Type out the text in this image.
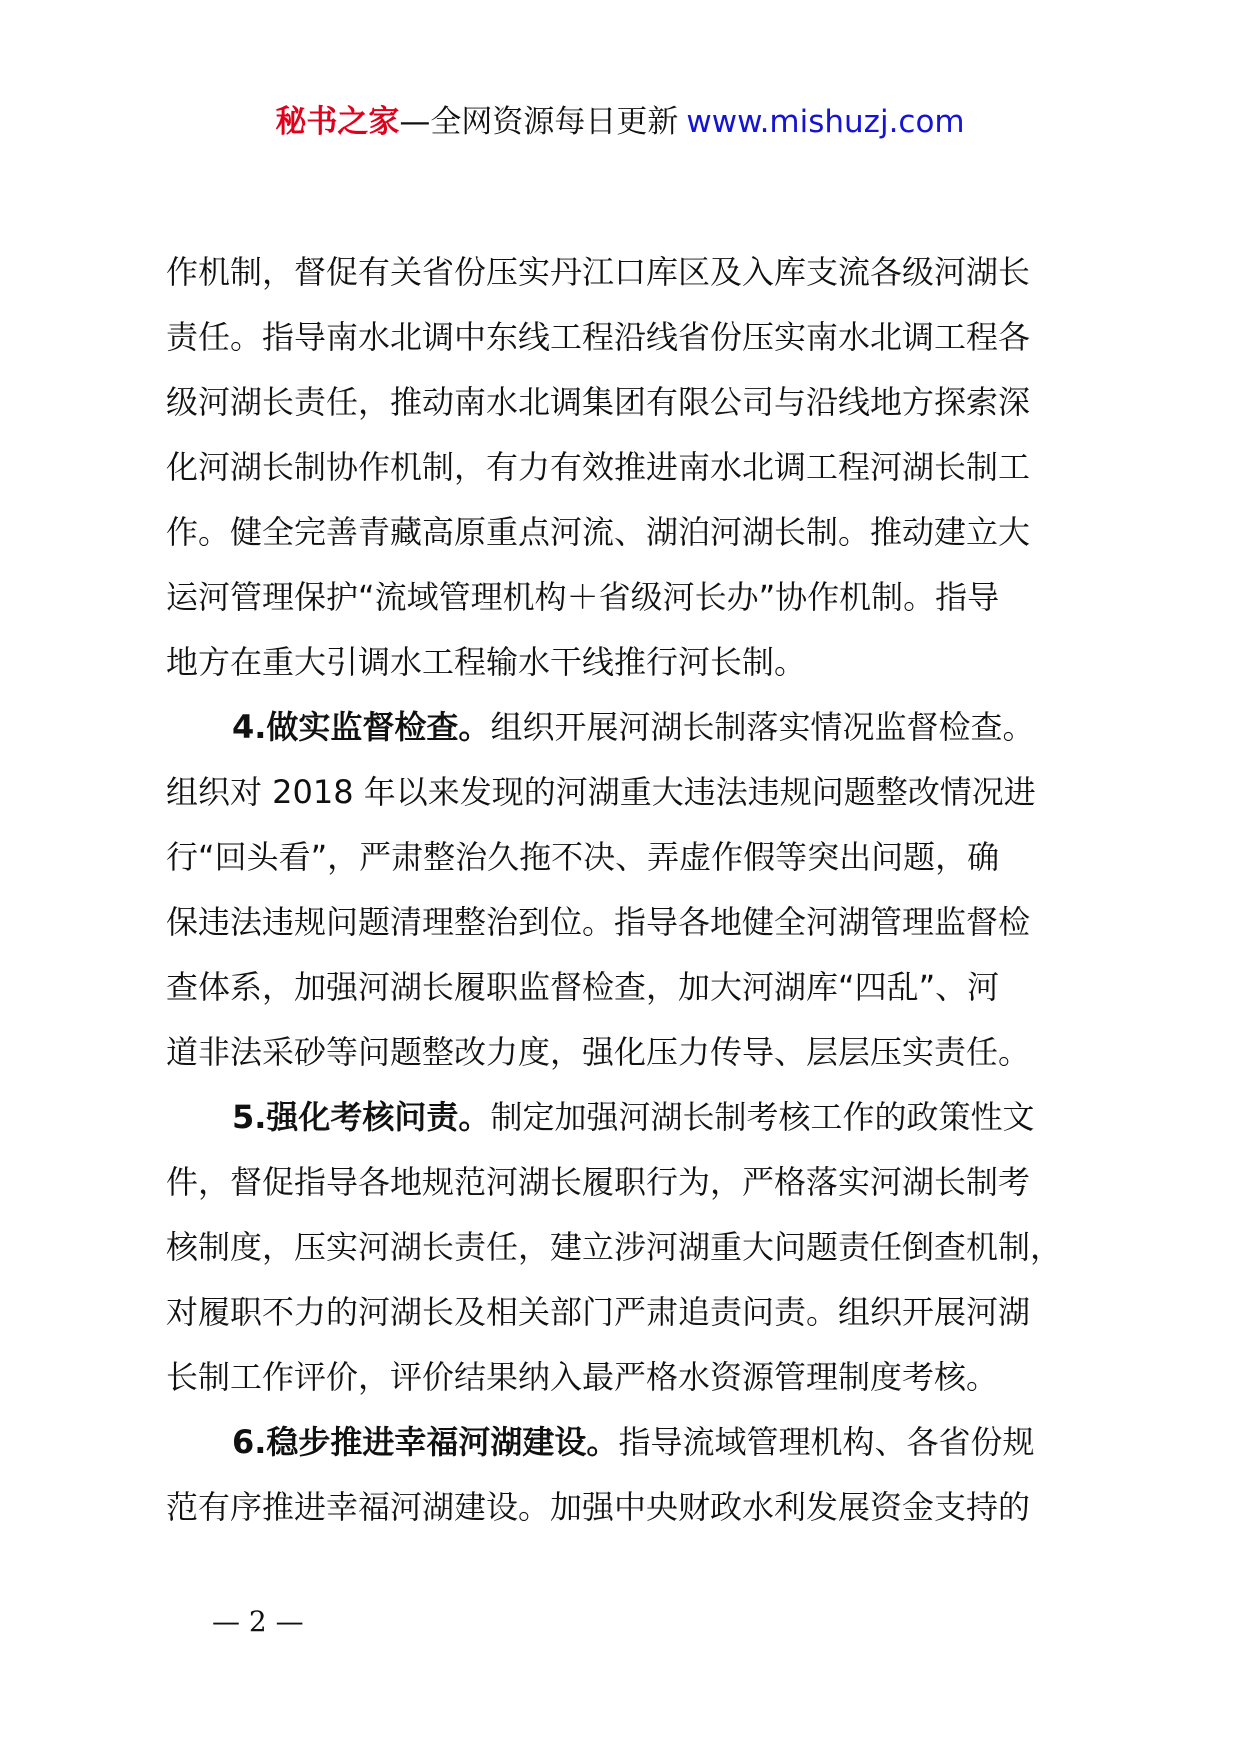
秘书之家—全网资源每日更新 www.mishuzj.com
作机制，督促有关省份压实丹江口库区及入库支流各级河湖长
责任。指导南水北调中东线工程沿线省份压实南水北调工程各
级河湖长责任，推动南水北调集团有限公司与沿线地方探索深
化河湖长制协作机制，有力有效推进南水北调工程河湖长制工
作。健全完善青藏高原重点河流、湖泊河湖长制。推动建立大
运河管理保护“流域管理机构＋省级河长办”协作机制。指导
地方在重大引调水工程输水干线推行河长制。
4.做实监督检查。组织开展河湖长制落实情况监督检查。
组织对 2018 年以来发现的河湖重大违法违规问题整改情况进
行“回头看”，严肃整治久拖不决、弄虚作假等突出问题，确
保违法违规问题清理整治到位。指导各地健全河湖管理监督检
查体系，加强河湖长履职监督检查，加大河湖库“四乱”、河
道非法采砂等问题整改力度，强化压力传导、层层压实责任。
5.强化考核问责。制定加强河湖长制考核工作的政策性文
件，督促指导各地规范河湖长履职行为，严格落实河湖长制考
核制度，压实河湖长责任，建立涉河湖重大问题责任倒查机制，
对履职不力的河湖长及相关部门严肃追责问责。组织开展河湖
长制工作评价，评价结果纳入最严格水资源管理制度考核。
6.稳步推进幸福河湖建设。指导流域管理机构、各省份规
范有序推进幸福河湖建设。加强中央财政水利发展资金支持的
— 2 —
